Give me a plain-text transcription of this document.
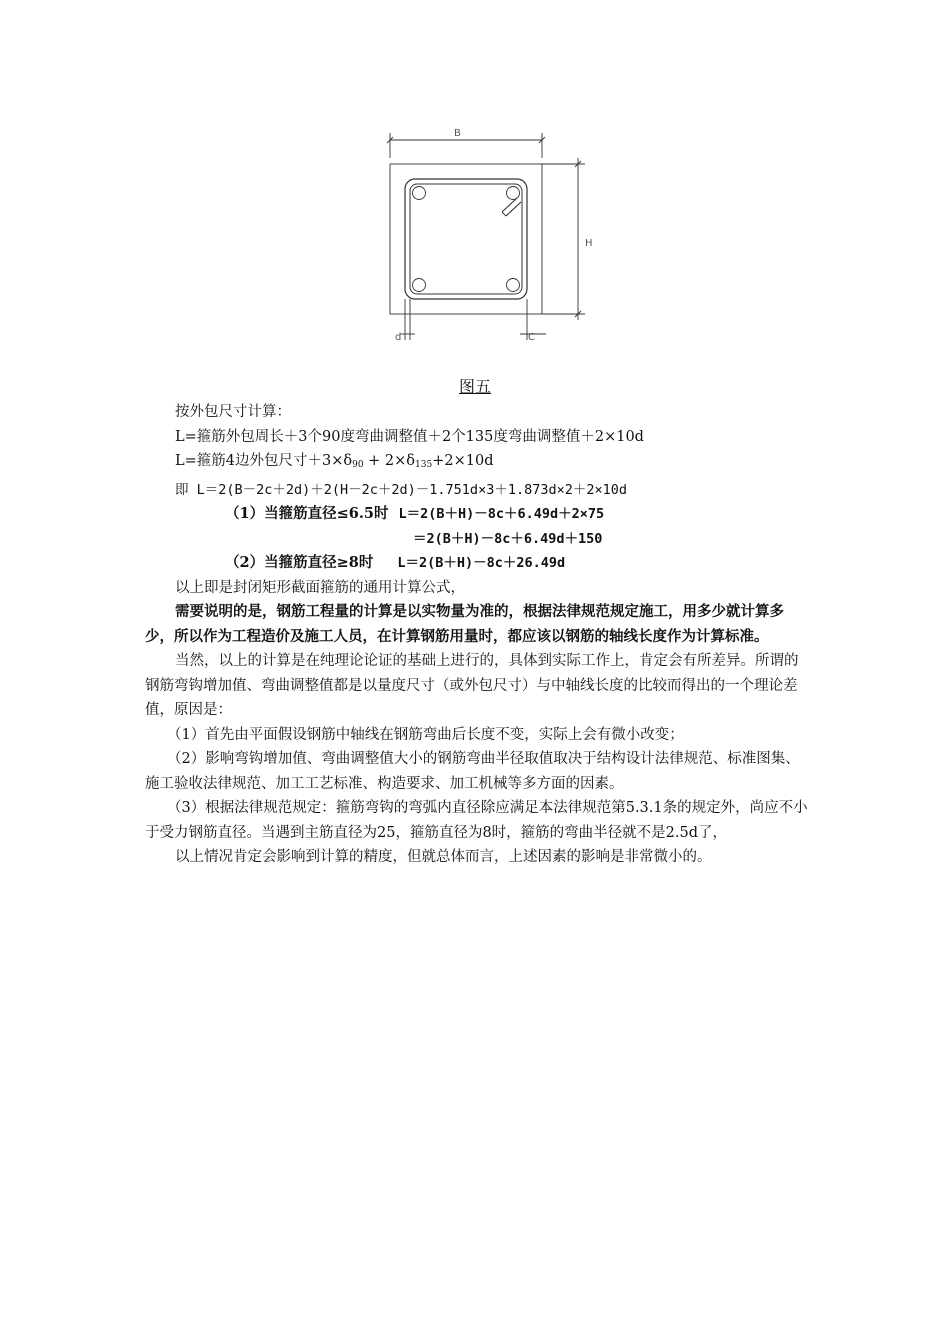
B
H
d	C
图五

按外包尺寸计算：

L=箍筋外包周长＋3个90度弯曲调整值＋2个135度弯曲调整值＋2×10d

L=箍筋4边外包尺寸$+3\times\delta_{90} + 2\times\delta_{135}+2\times 10d$

即 L＝2(B－2c＋2d)＋2(H－2c＋2d)－1.751d×3＋1.873d×2＋2×10d

（1）当箍筋直径≤6.5时 L＝2(B＋H)－8c＋6.49d＋2×75

＝2(B＋H)－8c＋6.49d＋150

（2）当箍筋直径≥8时 L＝2(B＋H)－8c＋26.49d

以上即是封闭矩形截面箍筋的通用计算公式，

需要说明的是，钢筋工程量的计算是以实物量为准的，根据法律规范规定施工，用多少就计算多少，所以作为工程造价及施工人员，在计算钢筋用量时，都应该以钢筋的轴线长度作为计算标准。

当然，以上的计算是在纯理论论证的基础上进行的，具体到实际工作上，肯定会有所差异。所谓的钢筋弯钩增加值、弯曲调整值都是以量度尺寸（或外包尺寸）与中轴线长度的比较而得出的一个理论差值，原因是：

（1）首先由平面假设钢筋中轴线在钢筋弯曲后长度不变，实际上会有微小改变；

（2）影响弯钩增加值、弯曲调整值大小的钢筋弯曲半径取值取决于结构设计法律规范、标准图集、施工验收法律规范、加工工艺标准、构造要求、加工机械等多方面的因素。

（3）根据法律规范规定：箍筋弯钩的弯弧内直径除应满足本法律规范第5.3.1条的规定外，尚应不小于受力钢筋直径。当遇到主筋直径为25，箍筋直径为8时，箍筋的弯曲半径就不是2.5d了，

以上情况肯定会影响到计算的精度，但就总体而言，上述因素的影响是非常微小的。
